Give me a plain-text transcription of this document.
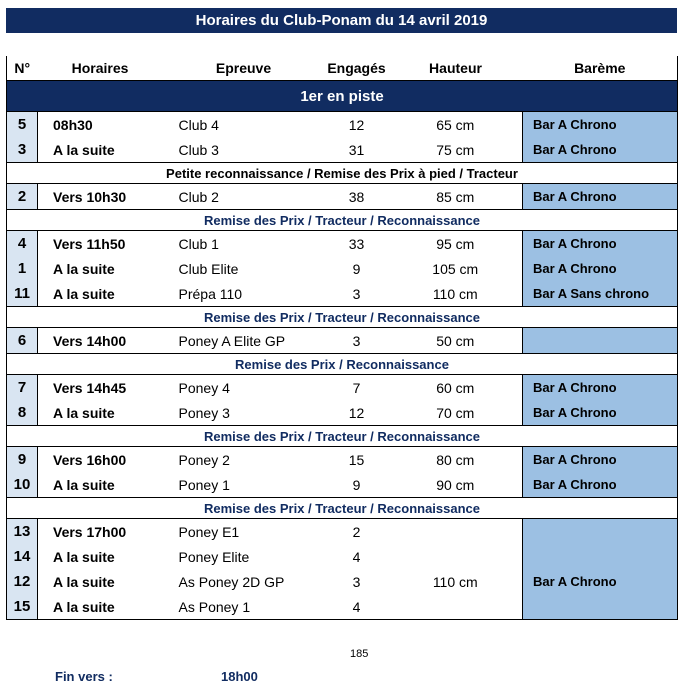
Horaires du Club-Ponam du 14 avril 2019
N°	Horaires	Epreuve	Engagés	Hauteur	Barème
1er en piste					
5	08h30	Club 4	12	65 cm	Bar A Chrono
3	A la suite	Club 3	31	75 cm	Bar A Chrono
Petite reconnaissance / Remise des Prix à pied / Tracteur					
2	Vers 10h30	Club 2	38	85 cm	Bar A Chrono
Remise des Prix / Tracteur / Reconnaissance					
4	Vers 11h50	Club 1	33	95 cm	Bar A Chrono
1	A la suite	Club Elite	9	105 cm	Bar A Chrono
11	A la suite	Prépa 110	3	110 cm	Bar A Sans chrono
Remise des Prix / Tracteur / Reconnaissance					
6	Vers 14h00	Poney A Elite GP	3	50 cm	
Remise des Prix / Reconnaissance					
7	Vers 14h45	Poney 4	7	60 cm	Bar A Chrono
8	A la suite	Poney 3	12	70 cm	Bar A Chrono
Remise des Prix / Tracteur / Reconnaissance					
9	Vers 16h00	Poney 2	15	80 cm	Bar A Chrono
10	A la suite	Poney 1	9	90 cm	Bar A Chrono
Remise des Prix / Tracteur / Reconnaissance					
13	Vers 17h00	Poney E1	2		
14	A la suite	Poney Elite	4		
12	A la suite	As Poney 2D GP	3	110 cm	Bar A Chrono
15	A la suite	As Poney 1	4		
185
Fin vers :	18h00
